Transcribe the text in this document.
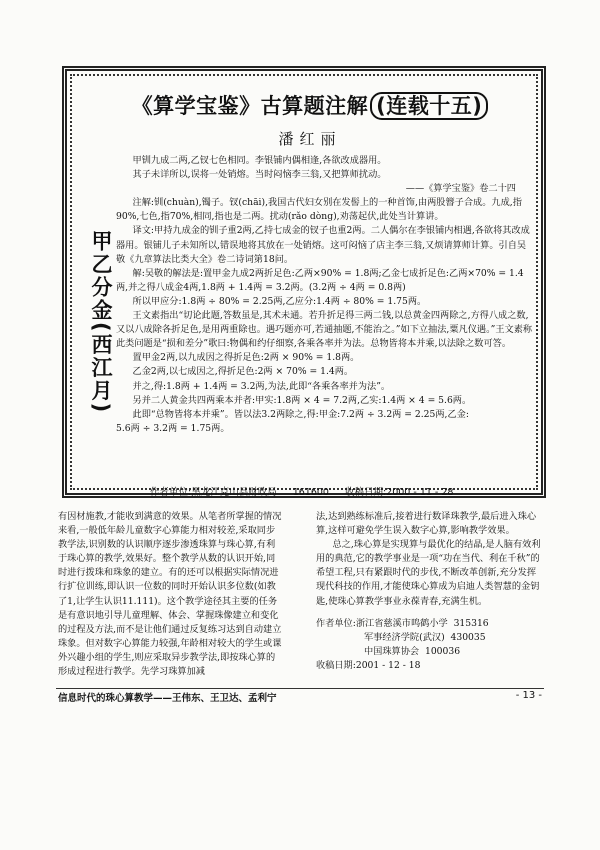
《算学宝鉴》古算题注解 (连载十五)
潘红丽
甲乙分金(西江月)

甲钏九成二两,乙钗七色相同。李银铺内偶相逢,各欲改成器用。

其子未详所以,误将一处销熔。当时闷恼李三翁,又把算师扰动。

——《算学宝鉴》卷二十四

注解:钏(chuàn),镯子。钗(chāi),我国古代妇女别在发髻上的一种首饰,由两股簪子合成。九成,指90%,七色,指70%,相同,指也是二两。扰动(rǎo dòng),劝荡起伏,此处当计算讲。

译文:甲持九成金的钏子重2两,乙持七成金的钗子也重2两。二人偶尔在李银铺内相遇,各欲将其改成器用。银铺儿子未知所以,错误地将其放在一处销熔。这可闷恼了店主李三翁,又烦请算师计算。引自吴敬《九章算法比类大全》卷二诗词第18问。

解:吴敬的解法是:置甲金九成2两折足色:乙两×90% = 1.8两;乙金七成折足色:乙两×70% = 1.4两,并之得八成金4两,1.8两 + 1.4两 = 3.2两。(3.2两 ÷ 4两 = 0.8两)

所以甲应分:1.8两 ÷ 80% = 2.25两,乙应分:1.4两 ÷ 80% = 1.75两。

王文素指出“切论此题,答数虽是,其术未通。若升折足得三两二钱,以总黄金四两除之,方得八成之数,又以八成除各折足色,是用两重除也。遇巧题亦可,若通抽题,不能治之。”如下立抽法,粟凡仪遇。”王文素称此类问题是“损和差分”歌曰:物偶和约仔细察,各乘各率并为法。总物皆将本并乘,以法除之数可答。

置甲金2两,以九成因之得折足色:2两 × 90% = 1.8两。

乙金2两,以七成因之,得折足色:2两 × 70% = 1.4两。

并之,得:1.8两 + 1.4两 = 3.2两,为法,此即“各乘各率并为法”。

另并二人黄金共四两乘本并者:甲实:1.8两 × 4 = 7.2两,乙实:1.4两 × 4 = 5.6两。

此即“总物皆将本并乘”。皆以法3.2两除之,得:甲金:7.2两 ÷ 3.2两 = 2.25两,乙金:

5.6两 ÷ 3.2两 = 1.75两。

作者单位:黑龙江克山县财政局 161600 收稿日期:2000 - 11 - 28

有因材施教,才能收到满意的效果。从笔者所掌握的情况来看,一般低年龄儿童数字心算能力相对较差,采取同步教学法,识别数的认识顺序逐步渗透珠算与珠心算,有利于珠心算的教学,效果好。整个教学从数的认识开始,同时进行拨珠和珠象的建立。有的还可以根据实际情况进行扩位训练,即认识一位数的同时开始认识多位数(如教了1,让学生认识11.111)。这个教学途径其主要的任务是有意识地引导儿童理解、体会、掌握珠像建立和变化的过程及方法,而不是让他们通过反复练习达到自动建立珠象。但对数字心算能力较强,年龄相对较大的学生或课外兴趣小组的学生,则应采取异步教学法,即按珠心算的形成过程进行教学。先学习珠算加减

法,达到熟练标准后,接着进行数译珠教学,最后进入珠心算,这样可避免学生误入数字心算,影响教学效果。

总之,珠心算是实现算与最优化的结晶,是人脑有效利用的典范,它的教学事业是一项“功在当代、利在千秋”的希望工程,只有紧跟时代的步伐,不断改革创新,充分发挥现代科技的作用,才能使珠心算成为启迪人类智慧的金钥匙,使珠心算教学事业永葆青春,充满生机。

作者单位:浙江省慈溪市鸣鹤小学 315316
军事经济学院(武汉) 430035
中国珠算协会 100036
收稿日期:2001 - 12 - 18
信息时代的珠心算教学——王伟东、王卫达、孟利宁	- 13 -
